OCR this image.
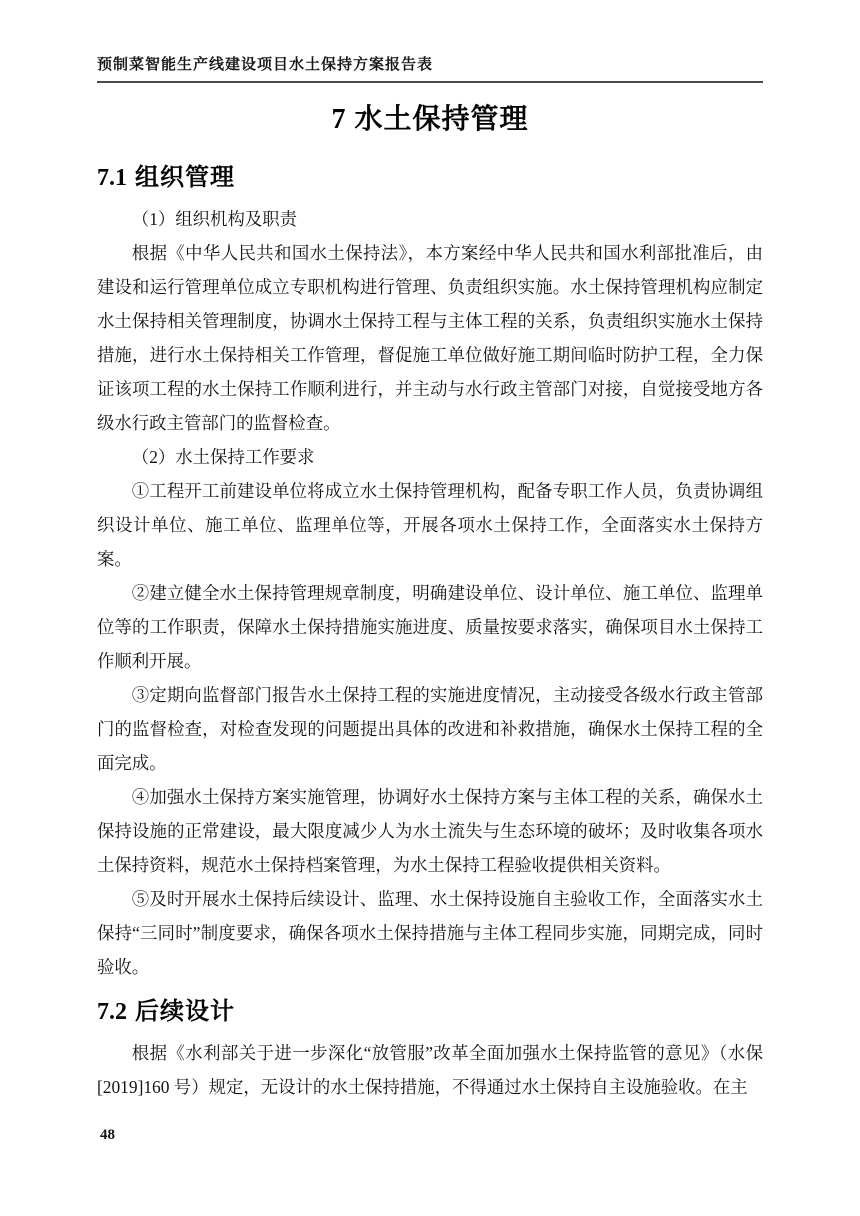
预制菜智能生产线建设项目水土保持方案报告表
7 水土保持管理
7.1 组织管理

（1）组织机构及职责

根据《中华人民共和国水土保持法》，本方案经中华人民共和国水利部批准后，由建设和运行管理单位成立专职机构进行管理、负责组织实施。水土保持管理机构应制定水土保持相关管理制度，协调水土保持工程与主体工程的关系，负责组织实施水土保持措施，进行水土保持相关工作管理，督促施工单位做好施工期间临时防护工程，全力保证该项工程的水土保持工作顺利进行，并主动与水行政主管部门对接，自觉接受地方各级水行政主管部门的监督检查。

（2）水土保持工作要求

①工程开工前建设单位将成立水土保持管理机构，配备专职工作人员，负责协调组织设计单位、施工单位、监理单位等，开展各项水土保持工作，全面落实水土保持方案。

②建立健全水土保持管理规章制度，明确建设单位、设计单位、施工单位、监理单位等的工作职责，保障水土保持措施实施进度、质量按要求落实，确保项目水土保持工作顺利开展。

③定期向监督部门报告水土保持工程的实施进度情况，主动接受各级水行政主管部门的监督检查，对检查发现的问题提出具体的改进和补救措施，确保水土保持工程的全面完成。

④加强水土保持方案实施管理，协调好水土保持方案与主体工程的关系，确保水土保持设施的正常建设，最大限度减少人为水土流失与生态环境的破坏；及时收集各项水土保持资料，规范水土保持档案管理，为水土保持工程验收提供相关资料。

⑤及时开展水土保持后续设计、监理、水土保持设施自主验收工作，全面落实水土保持“三同时”制度要求，确保各项水土保持措施与主体工程同步实施，同期完成，同时验收。

7.2 后续设计

根据《水利部关于进一步深化“放管服”改革全面加强水土保持监管的意见》（水保[2019]160 号）规定，无设计的水土保持措施，不得通过水土保持自主设施验收。在主

48
